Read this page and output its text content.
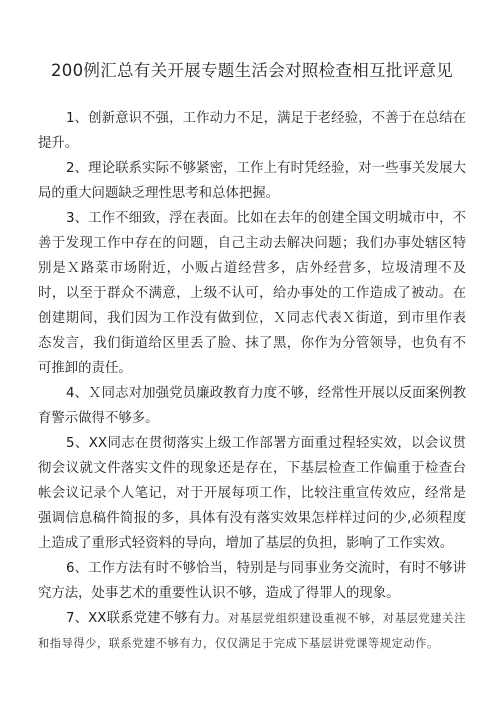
200例汇总有关开展专题生活会对照检查相互批评意见

1、创新意识不强，工作动力不足，满足于老经验，不善于在总结在提升。

2、理论联系实际不够紧密，工作上有时凭经验，对一些事关发展大局的重大问题缺乏理性思考和总体把握。

3、工作不细致，浮在表面。比如在去年的创建全国文明城市中，不善于发现工作中存在的问题，自己主动去解决问题；我们办事处辖区特别是Ｘ路菜市场附近，小贩占道经营多，店外经营多，垃圾清理不及时，以至于群众不满意，上级不认可，给办事处的工作造成了被动。在创建期间，我们因为工作没有做到位，Ｘ同志代表Ｘ街道，到市里作表态发言，我们街道给区里丢了脸、抹了黑，你作为分管领导，也负有不可推卸的责任。

4、Ｘ同志对加强党员廉政教育力度不够，经常性开展以反面案例教育警示做得不够多。

5、XX同志在贯彻落实上级工作部署方面重过程轻实效，以会议贯彻会议就文件落实文件的现象还是存在，下基层检查工作偏重于检查台帐会议记录个人笔记，对于开展每项工作，比较注重宣传效应，经常是强调信息稿件简报的多，具体有没有落实效果怎样样过问的少,必须程度上造成了重形式轻资料的导向，增加了基层的负担，影响了工作实效。

6、工作方法有时不够恰当，特别是与同事业务交流时，有时不够讲究方法，处事艺术的重要性认识不够，造成了得罪人的现象。

7、XX联系党建不够有力。对基层党组织建设重视不够，对基层党建关注和指导得少，联系党建不够有力，仅仅满足于完成下基层讲党课等规定动作。
